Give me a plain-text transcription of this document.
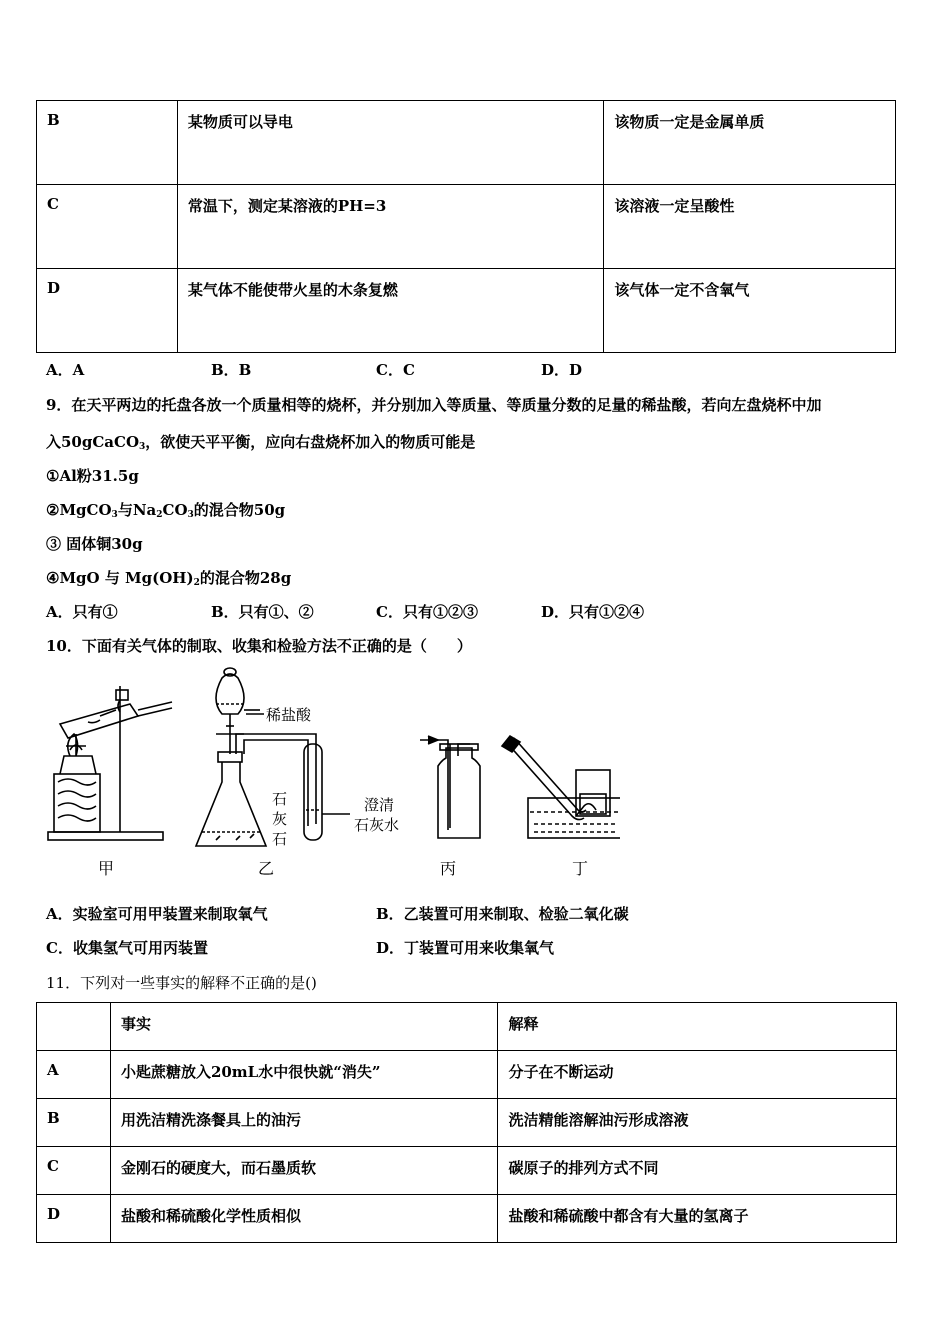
B	某物质可以导电	该物质一定是金属单质
C	常温下，测定某溶液的PH=3	该溶液一定呈酸性
D	某气体不能使带火星的木条复燃	该气体一定不含氧气
A．A	B．B	C．C	D．D
9．在天平两边的托盘各放一个质量相等的烧杯，并分别加入等质量、等质量分数的足量的稀盐酸，若向左盘烧杯中加
入50gCaCO$_3$，欲使天平平衡，应向右盘烧杯加入的物质可能是
①Al粉31.5g
②MgCO$_3$与$Na_2CO_3$的混合物50g
③ 固体铜30g
④MgO 与 $Mg(OH)_2$的混合物28g
A．只有①	B．只有①、②	C．只有①②③	D．只有①②④
10．下面有关气体的制取、收集和检验方法不正确的是（　　）
稀盐酸
石
灰
石
澄清
石灰水
甲	乙	丙	丁
A．实验室可用甲装置来制取氧气	B．乙装置可用来制取、检验二氧化碳
C．收集氢气可用丙装置	D．丁装置可用来收集氧气
11．下列对一些事实的解释不正确的是()
	事实	解释
A	小匙蔗糖放入20mL水中很快就“消失”	分子在不断运动
B	用洗洁精洗涤餐具上的油污	洗洁精能溶解油污形成溶液
C	金刚石的硬度大，而石墨质软	碳原子的排列方式不同
D	盐酸和稀硫酸化学性质相似	盐酸和稀硫酸中都含有大量的氢离子
